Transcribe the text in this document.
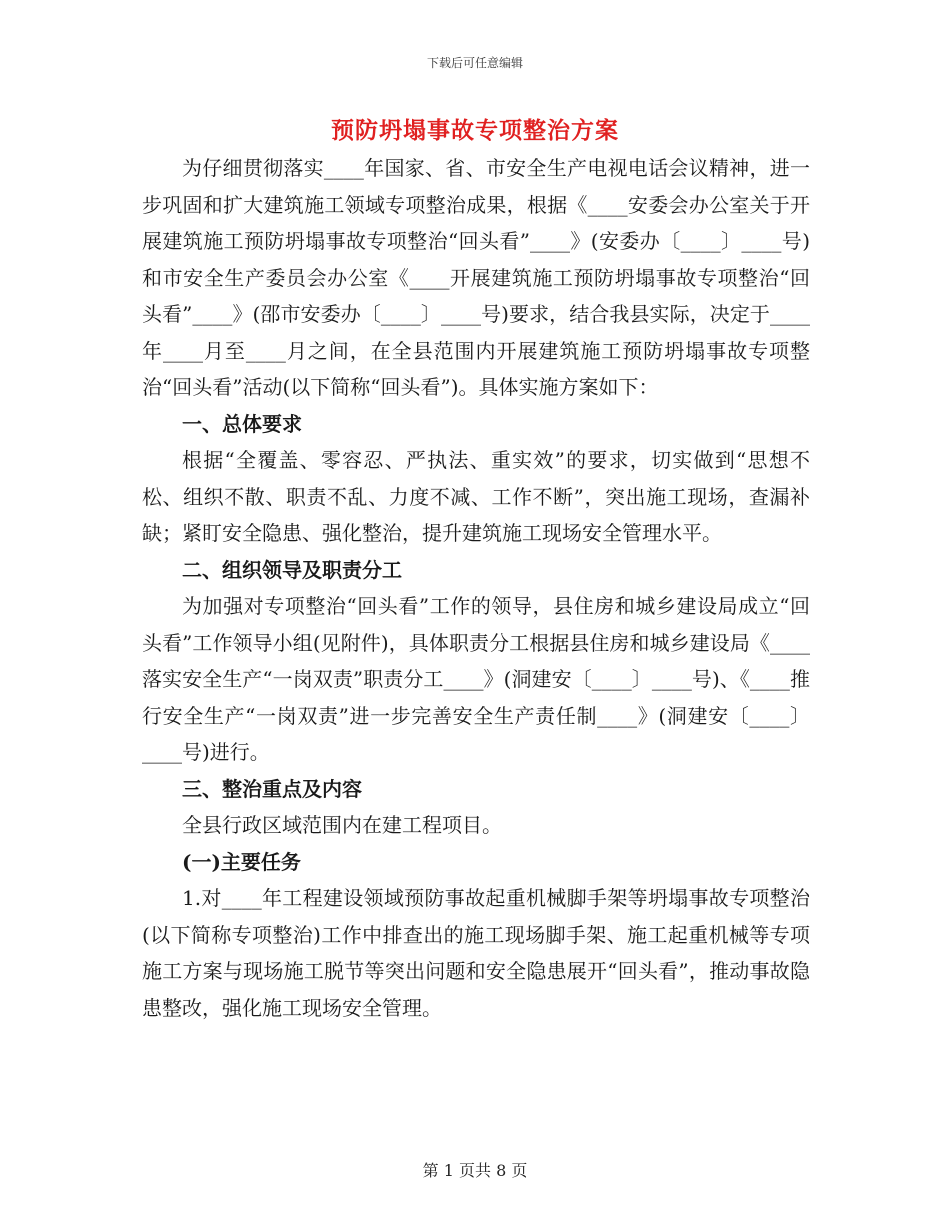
下载后可任意编辑
预防坍塌事故专项整治方案

为仔细贯彻落实____年国家、省、市安全生产电视电话会议精神，进一步巩固和扩大建筑施工领域专项整治成果，根据《____安委会办公室关于开展建筑施工预防坍塌事故专项整治“回头看”____》(安委办〔____〕____号)和市安全生产委员会办公室《____开展建筑施工预防坍塌事故专项整治“回头看”____》(邵市安委办〔____〕____号)要求，结合我县实际，决定于____年____月至____月之间，在全县范围内开展建筑施工预防坍塌事故专项整治“回头看”活动(以下简称“回头看”)。具体实施方案如下：

一、总体要求

根据“全覆盖、零容忍、严执法、重实效”的要求，切实做到“思想不松、组织不散、职责不乱、力度不减、工作不断”，突出施工现场，查漏补缺；紧盯安全隐患、强化整治，提升建筑施工现场安全管理水平。

二、组织领导及职责分工

为加强对专项整治“回头看”工作的领导，县住房和城乡建设局成立“回头看”工作领导小组(见附件)，具体职责分工根据县住房和城乡建设局《____落实安全生产“一岗双责”职责分工____》(洞建安〔____〕____号)、《____推行安全生产“一岗双责”进一步完善安全生产责任制____》(洞建安〔____〕____号)进行。

三、整治重点及内容

全县行政区域范围内在建工程项目。

(一)主要任务

1.对____年工程建设领域预防事故起重机械脚手架等坍塌事故专项整治(以下简称专项整治)工作中排查出的施工现场脚手架、施工起重机械等专项施工方案与现场施工脱节等突出问题和安全隐患展开“回头看”，推动事故隐患整改，强化施工现场安全管理。

第 1 页共 8 页
